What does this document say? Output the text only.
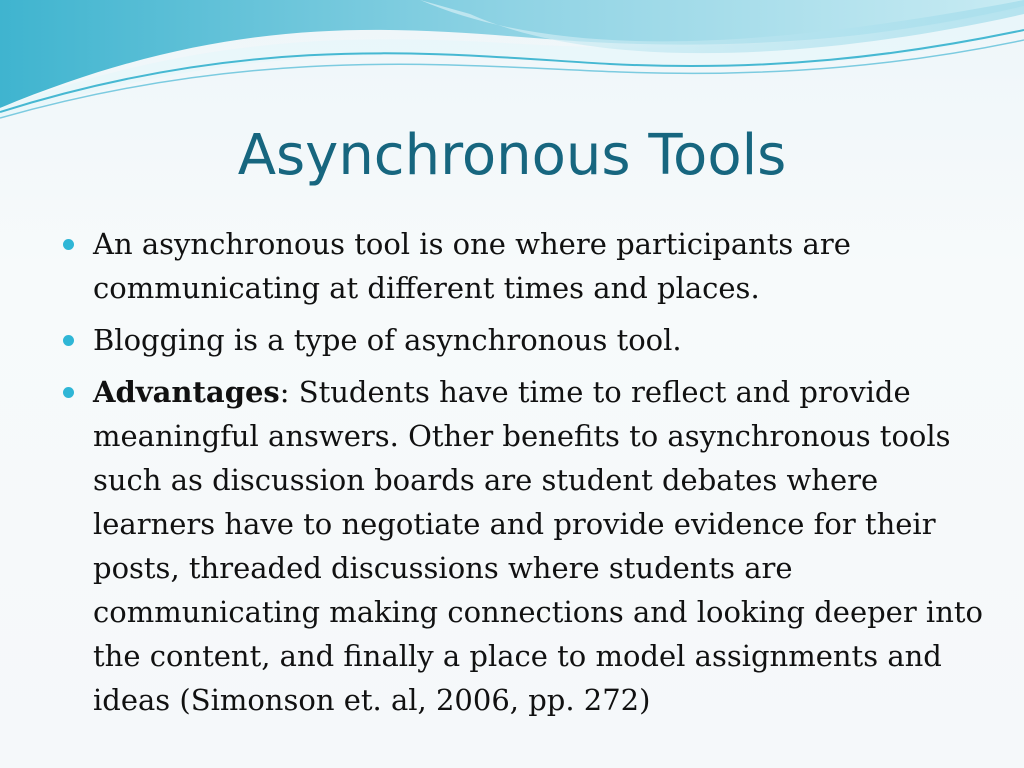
Asynchronous Tools
An asynchronous tool is one where participants are communicating at different times and places.
Blogging is a type of asynchronous tool.
Advantages: Students have time to reflect and provide meaningful answers. Other benefits to asynchronous tools such as discussion boards are student debates where learners have to negotiate and provide evidence for their posts, threaded discussions where students are communicating making connections and looking deeper into the content, and finally a place to model assignments and ideas (Simonson et. al, 2006, pp. 272)
